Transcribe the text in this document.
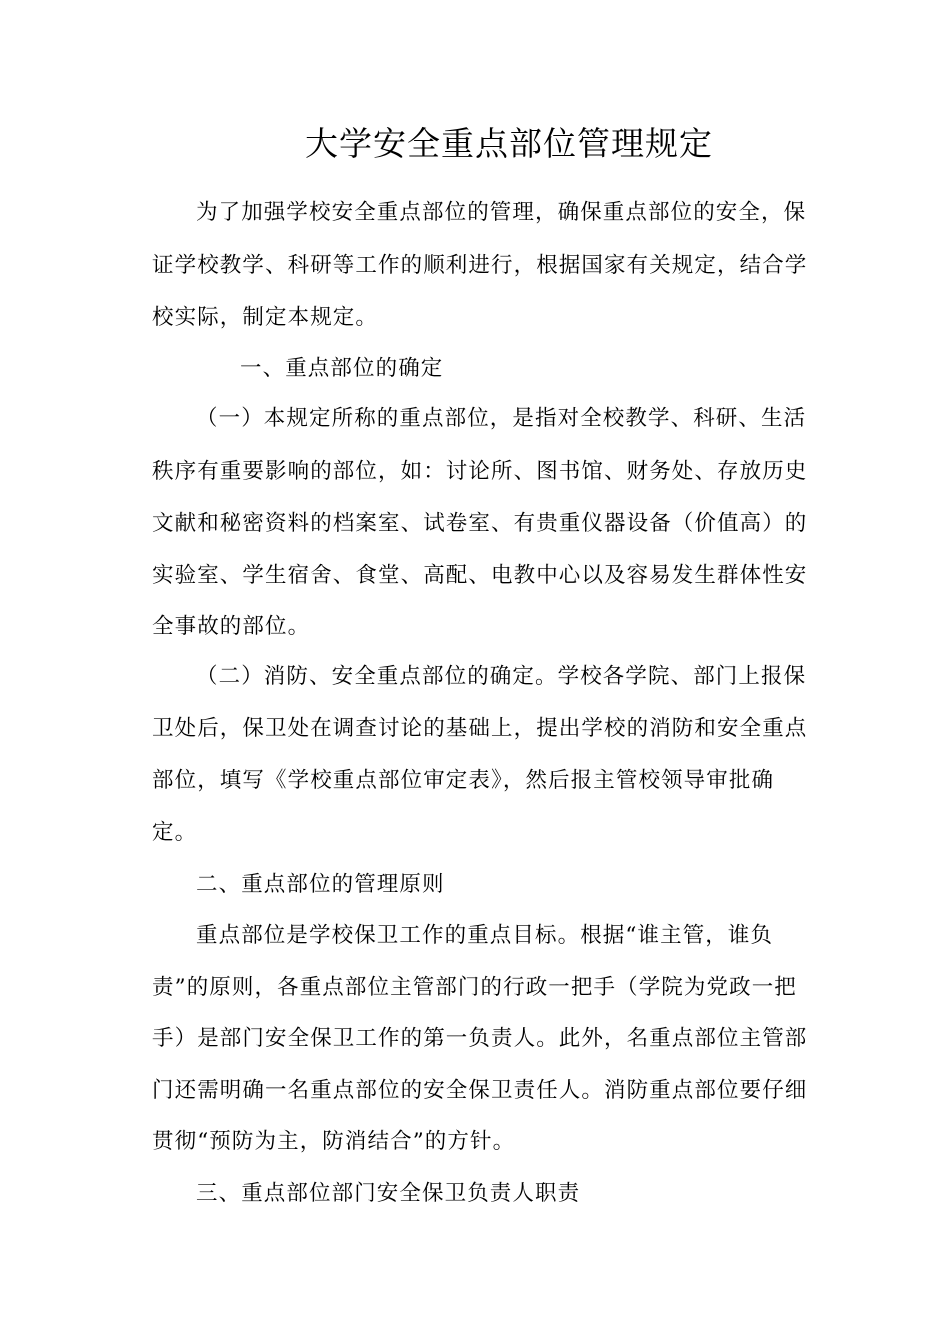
大学安全重点部位管理规定
为了加强学校安全重点部位的管理，确保重点部位的安全，保
证学校教学、科研等工作的顺利进行，根据国家有关规定，结合学
校实际，制定本规定。
一、重点部位的确定
（一）本规定所称的重点部位，是指对全校教学、科研、生活
秩序有重要影响的部位，如：讨论所、图书馆、财务处、存放历史
文献和秘密资料的档案室、试卷室、有贵重仪器设备（价值高）的
实验室、学生宿舍、食堂、高配、电教中心以及容易发生群体性安
全事故的部位。
（二）消防、安全重点部位的确定。学校各学院、部门上报保
卫处后，保卫处在调查讨论的基础上，提出学校的消防和安全重点
部位，填写《学校重点部位审定表》，然后报主管校领导审批确
定。
二、重点部位的管理原则
重点部位是学校保卫工作的重点目标。根据“谁主管，谁负
责”的原则，各重点部位主管部门的行政一把手（学院为党政一把
手）是部门安全保卫工作的第一负责人。此外，名重点部位主管部
门还需明确一名重点部位的安全保卫责任人。消防重点部位要仔细
贯彻“预防为主，防消结合”的方针。
三、重点部位部门安全保卫负责人职责
